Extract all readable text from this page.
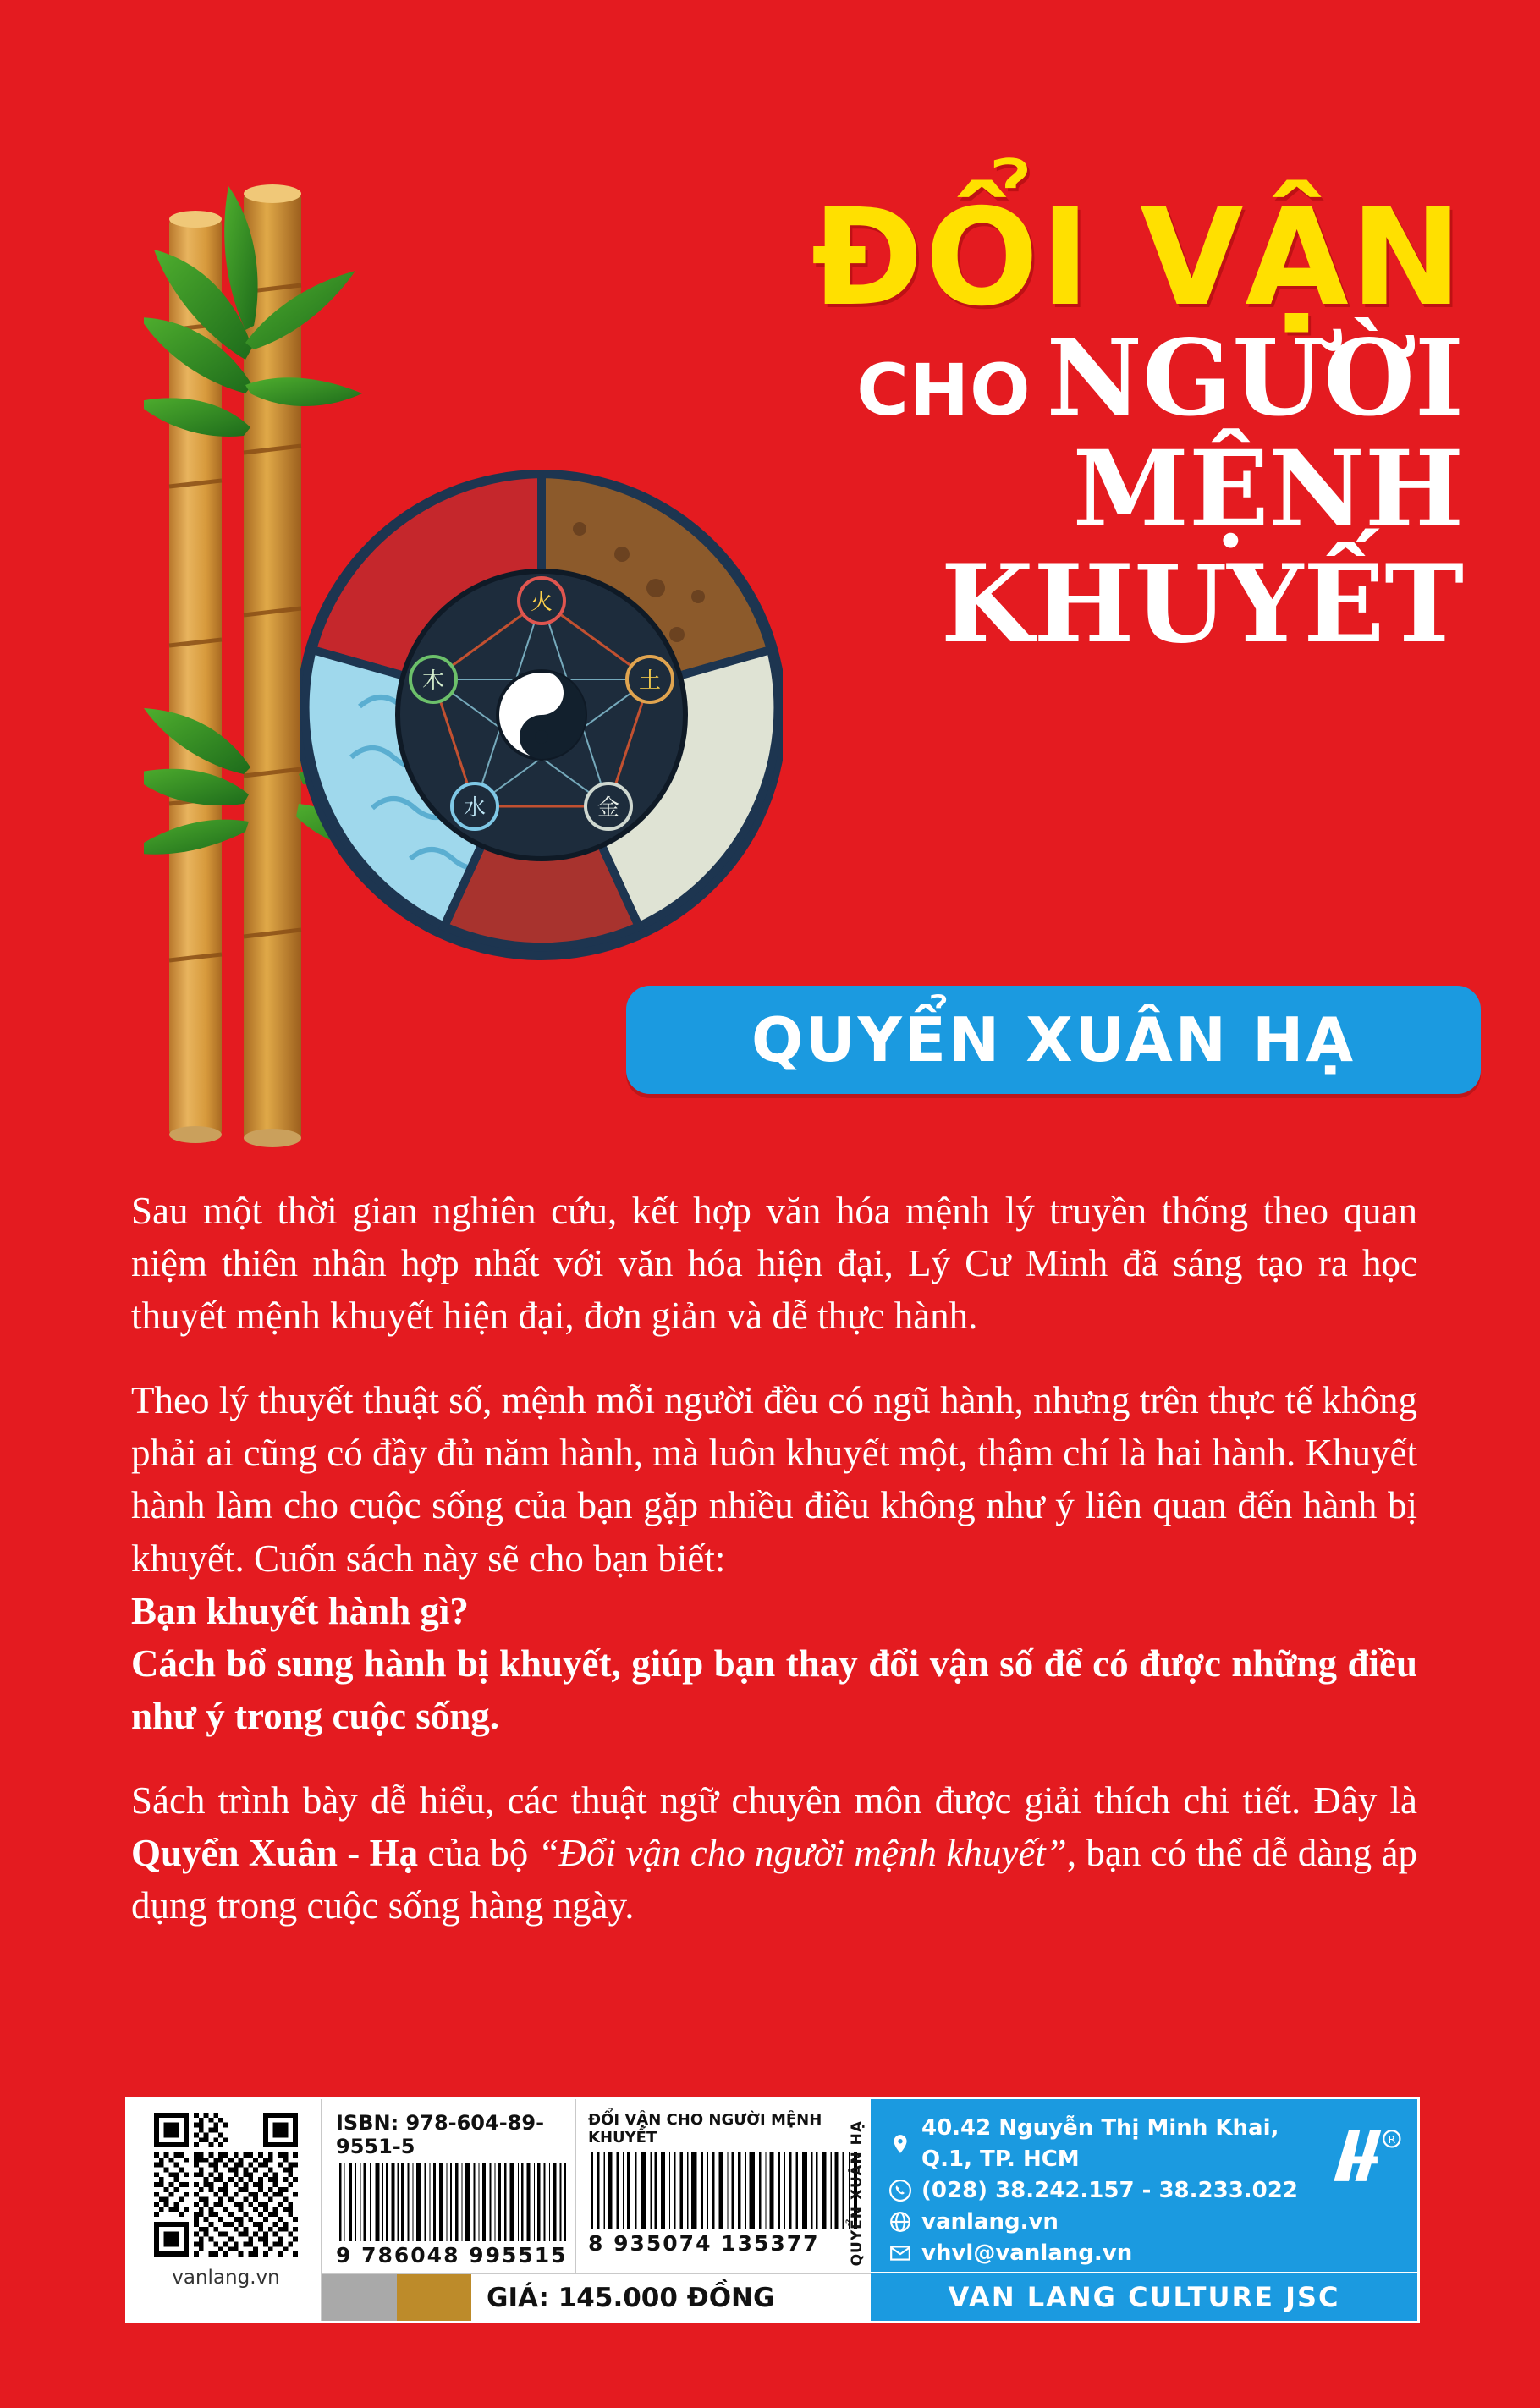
火
土
金
水
木
ĐỔI VẬN
CHO NGƯỜI
MỆNH
KHUYẾT
QUYỂN XUÂN HẠ

Sau một thời gian nghiên cứu, kết hợp văn hóa mệnh lý truyền thống theo quan niệm thiên nhân hợp nhất với văn hóa hiện đại, Lý Cư Minh đã sáng tạo ra học thuyết mệnh khuyết hiện đại, đơn giản và dễ thực hành.

Theo lý thuyết thuật số, mệnh mỗi người đều có ngũ hành, nhưng trên thực tế không phải ai cũng có đầy đủ năm hành, mà luôn khuyết một, thậm chí là hai hành. Khuyết hành làm cho cuộc sống của bạn gặp nhiều điều không như ý liên quan đến hành bị khuyết. Cuốn sách này sẽ cho bạn biết:

Bạn khuyết hành gì?

Cách bổ sung hành bị khuyết, giúp bạn thay đổi vận số để có được những điều như ý trong cuộc sống.

Sách trình bày dễ hiểu, các thuật ngữ chuyên môn được giải thích chi tiết. Đây là Quyển Xuân - Hạ của bộ “Đổi vận cho người mệnh khuyết”, bạn có thể dễ dàng áp dụng trong cuộc sống hàng ngày.

vanlang.vn
ISBN: 978-604-89-9551-5
9 786048 995515
ĐỔI VẬN CHO NGƯỜI MỆNH KHUYẾT
8 935074 135377	QUYỂN XUÂN HẠ
GIÁ: 145.000 ĐỒNG
40.42 Nguyễn Thị Minh Khai, Q.1, TP. HCM
(028) 38.242.157 - 38.233.022
vanlang.vn
vhvl@vanlang.vn
R
VAN LANG CULTURE JSC
